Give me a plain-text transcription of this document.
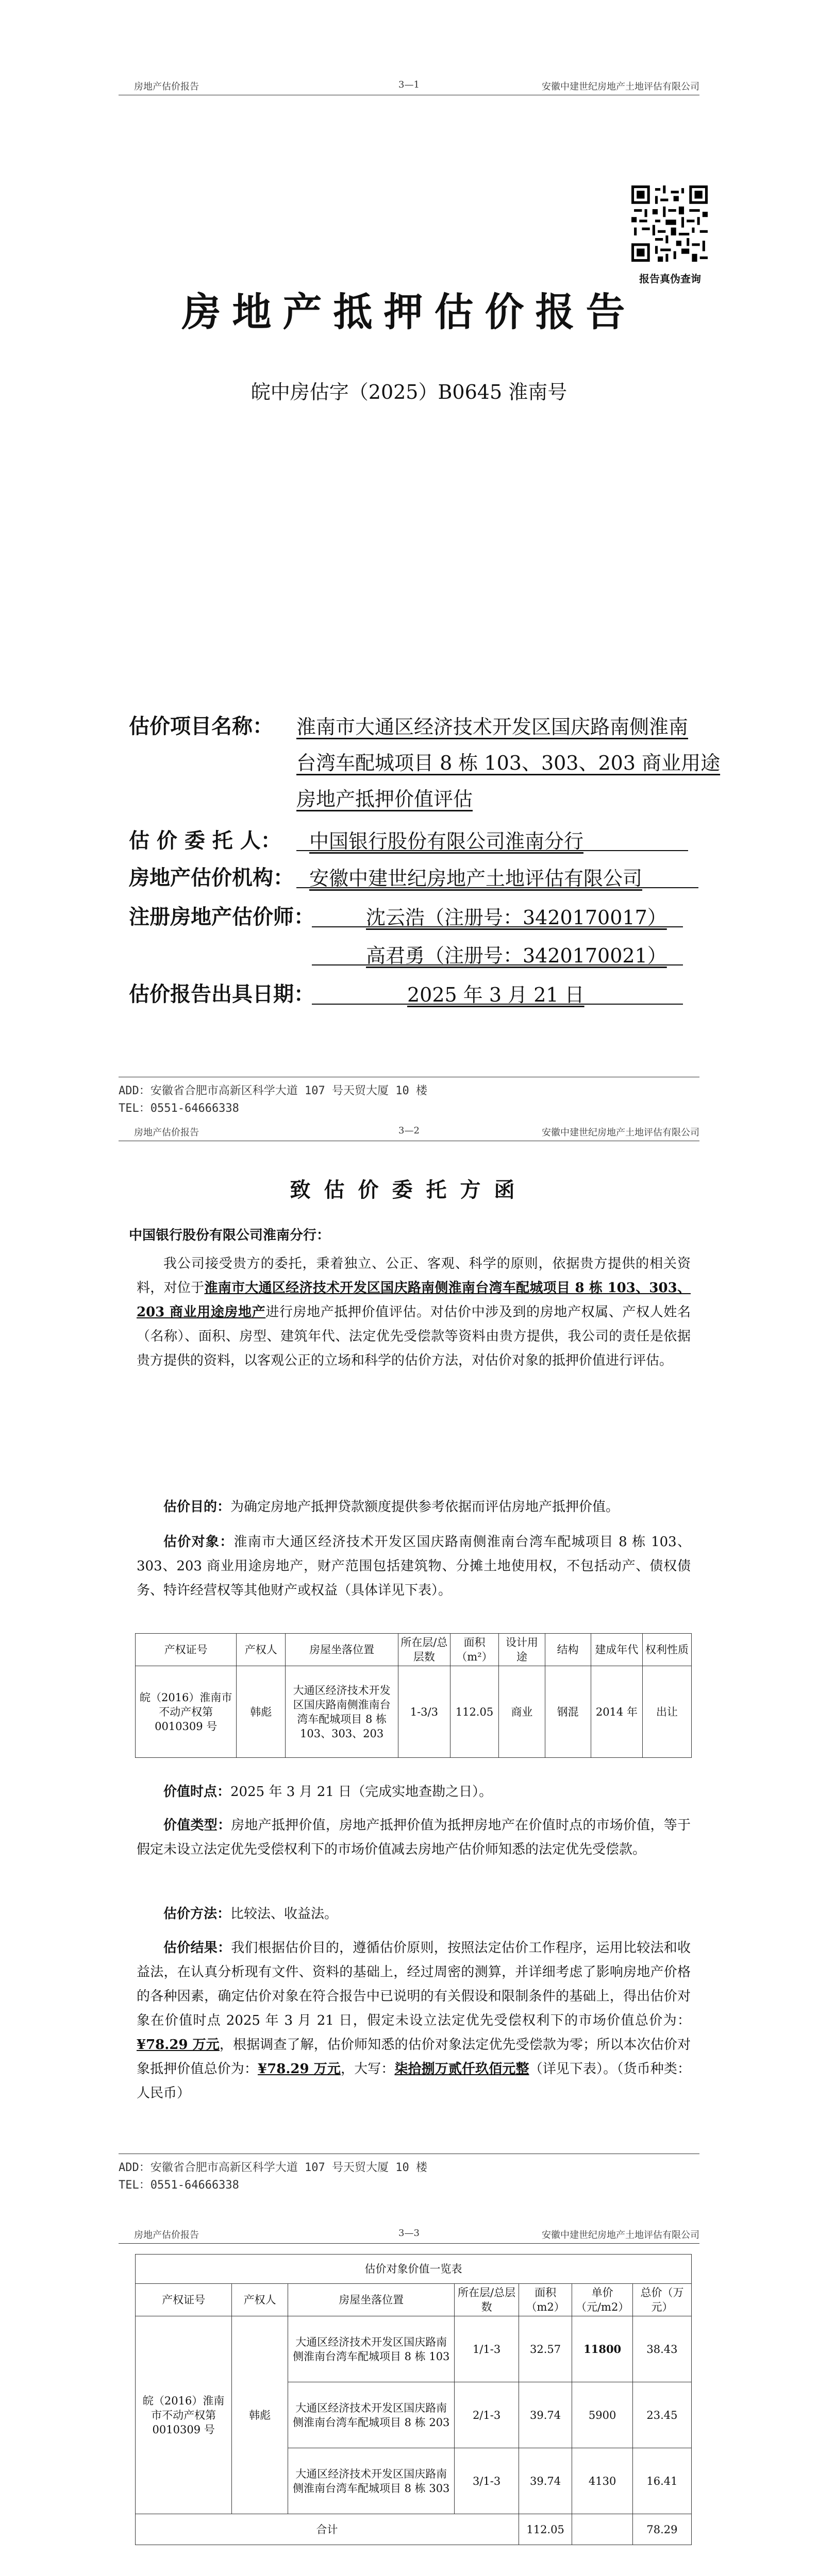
房地产估价报告	3—1	安徽中建世纪房地产土地评估有限公司
报告真伪查询
房地产抵押估价报告
皖中房估字（2025）B0645 淮南号
估价项目名称： 淮南市大通区经济技术开发区国庆路南侧淮南
台湾车配城项目 8 栋 103、303、203 商业用途
房地产抵押价值评估
估 价 委 托 人： 中国银行股份有限公司淮南分行
房地产估价机构： 安徽中建世纪房地产土地评估有限公司
注册房地产估价师：	沈云浩（注册号：3420170017）
高君勇（注册号：3420170021）
估价报告出具日期：	2025 年 3 月 21 日
ADD：安徽省合肥市高新区科学大道 107 号天贸大厦 10 楼
TEL：0551-64666338
房地产估价报告	3—2	安徽中建世纪房地产土地评估有限公司
致估价委托方函
中国银行股份有限公司淮南分行：
我公司接受贵方的委托，秉着独立、公正、客观、科学的原则，依据贵方提供的相关资料，对位于淮南市大通区经济技术开发区国庆路南侧淮南台湾车配城项目 8 栋 103、303、203 商业用途房地产进行房地产抵押价值评估。对估价中涉及到的房地产权属、产权人姓名（名称）、面积、房型、建筑年代、法定优先受偿款等资料由贵方提供，我公司的责任是依据贵方提供的资料，以客观公正的立场和科学的估价方法，对估价对象的抵押价值进行评估。
估价目的：为确定房地产抵押贷款额度提供参考依据而评估房地产抵押价值。
估价对象：淮南市大通区经济技术开发区国庆路南侧淮南台湾车配城项目 8 栋 103、303、203 商业用途房地产，财产范围包括建筑物、分摊土地使用权，不包括动产、债权债务、特许经营权等其他财产或权益（具体详见下表）。
产权证号	产权人	房屋坐落位置	所在层/总层数	面积（m²）	设计用途	结构	建成年代	权利性质
皖（2016）淮南市不动产权第 0010309 号	韩彪	大通区经济技术开发区国庆路南侧淮南台湾车配城项目 8 栋 103、303、203	1-3/3	112.05	商业	钢混	2014 年	出让
价值时点：2025 年 3 月 21 日（完成实地查勘之日）。
价值类型：房地产抵押价值，房地产抵押价值为抵押房地产在价值时点的市场价值，等于假定未设立法定优先受偿权利下的市场价值减去房地产估价师知悉的法定优先受偿款。
估价方法：比较法、收益法。
估价结果：我们根据估价目的，遵循估价原则，按照法定估价工作程序，运用比较法和收益法，在认真分析现有文件、资料的基础上，经过周密的测算，并详细考虑了影响房地产价格的各种因素，确定估价对象在符合报告中已说明的有关假设和限制条件的基础上，得出估价对象在价值时点 2025 年 3 月 21 日，假定未设立法定优先受偿权利下的市场价值总价为：¥78.29 万元，根据调查了解，估价师知悉的估价对象法定优先受偿款为零；所以本次估价对象抵押价值总价为：¥78.29 万元，大写：柒拾捌万贰仟玖佰元整（详见下表）。（货币种类：人民币）
ADD：安徽省合肥市高新区科学大道 107 号天贸大厦 10 楼
TEL：0551-64666338
房地产估价报告	3—3	安徽中建世纪房地产土地评估有限公司
估价对象价值一览表						
产权证号	产权人	房屋坐落位置	所在层/总层数	面积（m2）	单价（元/m2）	总价（万元）
皖（2016）淮南市不动产权第 0010309 号	韩彪	大通区经济技术开发区国庆路南侧淮南台湾车配城项目 8 栋 103	1/1-3	32.57	11800	38.43
		大通区经济技术开发区国庆路南侧淮南台湾车配城项目 8 栋 203	2/1-3	39.74	5900	23.45
		大通区经济技术开发区国庆路南侧淮南台湾车配城项目 8 栋 303	3/1-3	39.74	4130	16.41
合计				112.05		78.29
